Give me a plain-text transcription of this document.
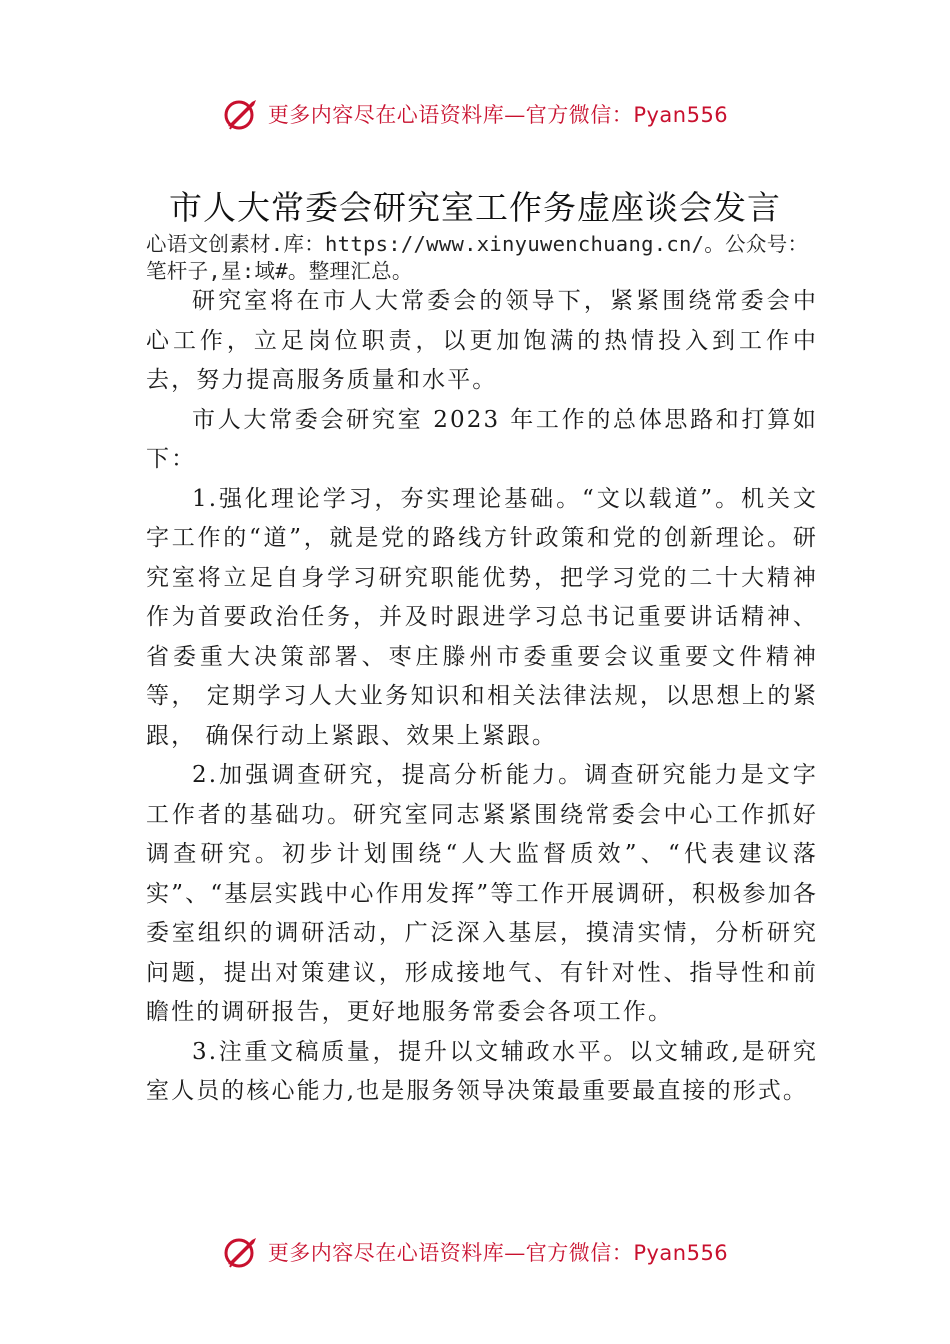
更多内容尽在心语资料库—官方微信：Pyan556
市人大常委会研究室工作务虚座谈会发言
心语文创素材.库：https://www.xinyuwenchuang.cn/。公众号：笔杆子,星:域#。整理汇总。

研究室将在市人大常委会的领导下，紧紧围绕常委会中心工作，立足岗位职责，以更加饱满的热情投入到工作中去，努力提高服务质量和水平。

市人大常委会研究室 2023 年工作的总体思路和打算如下：

1.强化理论学习，夯实理论基础。“文以载道”。机关文字工作的“道”，就是党的路线方针政策和党的创新理论。研究室将立足自身学习研究职能优势，把学习党的二十大精神作为首要政治任务，并及时跟进学习总书记重要讲话精神、省委重大决策部署、枣庄滕州市委重要会议重要文件精神等， 定期学习人大业务知识和相关法律法规，以思想上的紧跟， 确保行动上紧跟、效果上紧跟。

2.加强调查研究，提高分析能力。调查研究能力是文字工作者的基础功。研究室同志紧紧围绕常委会中心工作抓好调查研究。初步计划围绕“人大监督质效”、“代表建议落实”、“基层实践中心作用发挥”等工作开展调研，积极参加各委室组织的调研活动，广泛深入基层，摸清实情，分析研究问题，提出对策建议，形成接地气、有针对性、指导性和前瞻性的调研报告，更好地服务常委会各项工作。

3.注重文稿质量，提升以文辅政水平。以文辅政,是研究室人员的核心能力,也是服务领导决策最重要最直接的形式。

更多内容尽在心语资料库—官方微信：Pyan556
